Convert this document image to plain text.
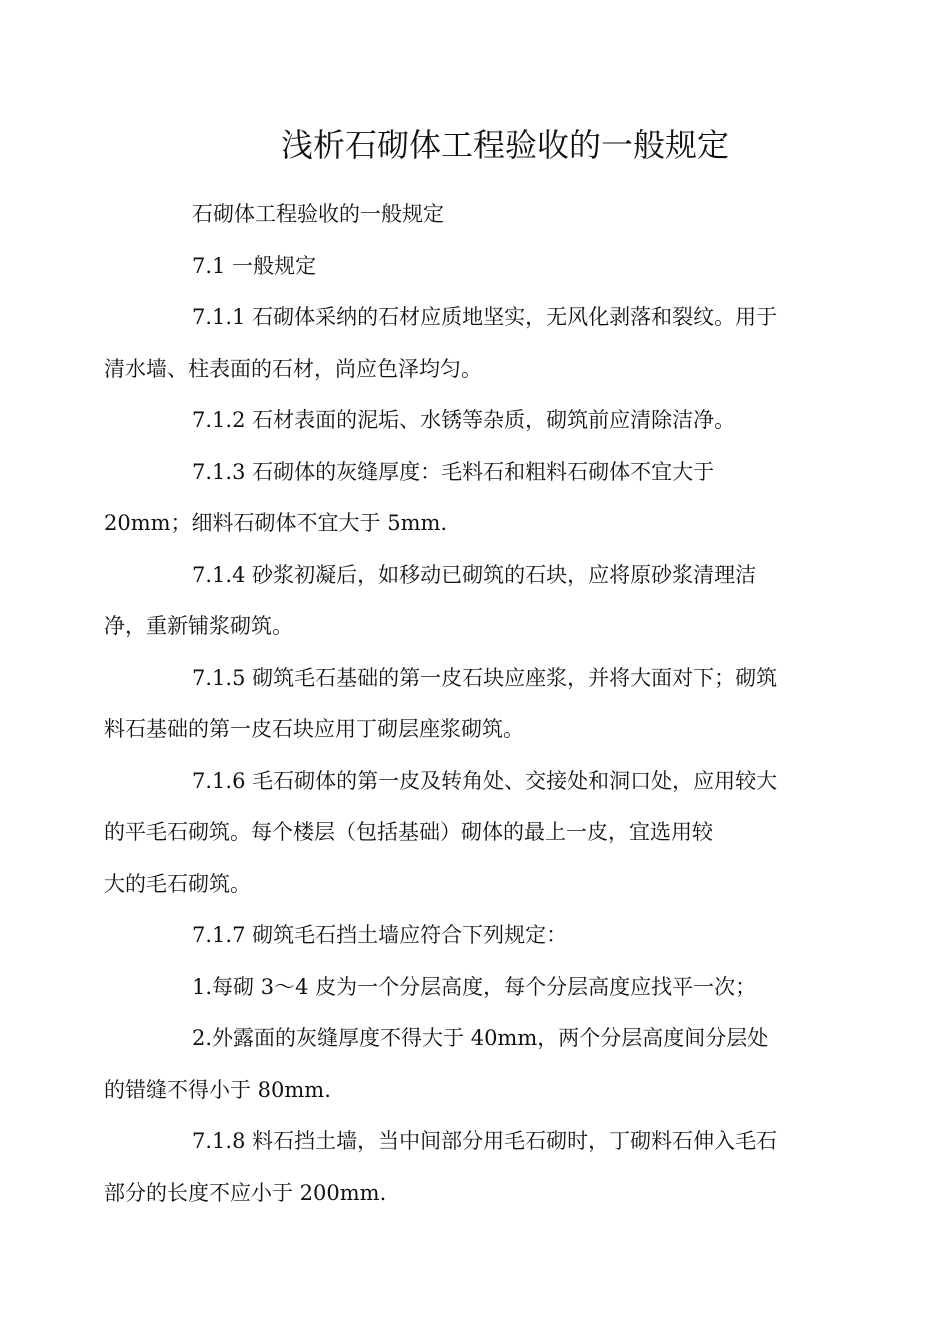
浅析石砌体工程验收的一般规定

石砌体工程验收的一般规定

7.1 一般规定

7.1.1 石砌体采纳的石材应质地坚实，无风化剥落和裂纹。用于
清水墙、柱表面的石材，尚应色泽均匀。

7.1.2 石材表面的泥垢、水锈等杂质，砌筑前应清除洁净。

7.1.3 石砌体的灰缝厚度：毛料石和粗料石砌体不宜大于
20mm；细料石砌体不宜大于 5mm.

7.1.4 砂浆初凝后，如移动已砌筑的石块，应将原砂浆清理洁
净，重新铺浆砌筑。

7.1.5 砌筑毛石基础的第一皮石块应座浆，并将大面对下；砌筑
料石基础的第一皮石块应用丁砌层座浆砌筑。

7.1.6 毛石砌体的第一皮及转角处、交接处和洞口处，应用较大
的平毛石砌筑。每个楼层（包括基础）砌体的最上一皮，宜选用较
大的毛石砌筑。

7.1.7 砌筑毛石挡土墙应符合下列规定：

1.每砌 3～4 皮为一个分层高度，每个分层高度应找平一次；

2.外露面的灰缝厚度不得大于 40mm，两个分层高度间分层处
的错缝不得小于 80mm.

7.1.8 料石挡土墙，当中间部分用毛石砌时，丁砌料石伸入毛石
部分的长度不应小于 200mm.
